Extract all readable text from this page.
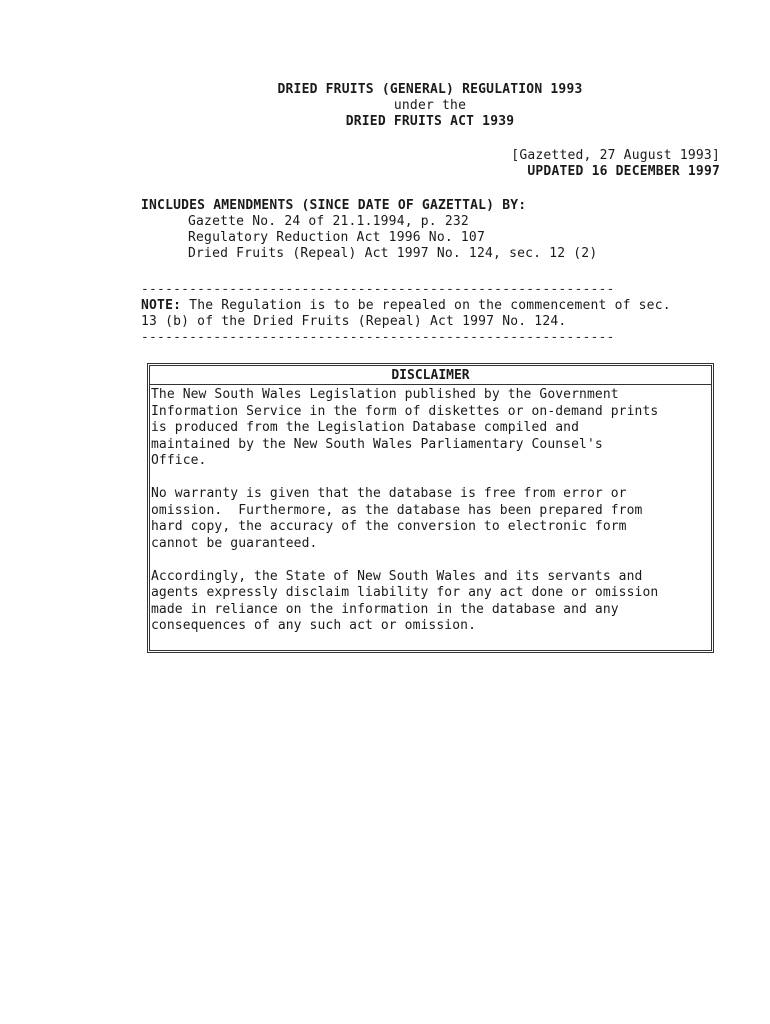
DRIED FRUITS (GENERAL) REGULATION 1993
under the
DRIED FRUITS ACT 1939
[Gazetted, 27 August 1993]
UPDATED 16 DECEMBER 1997
INCLUDES AMENDMENTS (SINCE DATE OF GAZETTAL) BY:
Gazette No. 24 of 21.1.1994, p. 232
Regulatory Reduction Act 1996 No. 107
Dried Fruits (Repeal) Act 1997 No. 124, sec. 12 (2)
-----------------------------------------------------------
NOTE: The Regulation is to be repealed on the commencement of sec.
13 (b) of the Dried Fruits (Repeal) Act 1997 No. 124.
-----------------------------------------------------------
DISCLAIMER

The New South Wales Legislation published by the Government
Information Service in the form of diskettes or on-demand prints
is produced from the Legislation Database compiled and
maintained by the New South Wales Parliamentary Counsel's
Office.

No warranty is given that the database is free from error or
omission.  Furthermore, as the database has been prepared from
hard copy, the accuracy of the conversion to electronic form
cannot be guaranteed.

Accordingly, the State of New South Wales and its servants and
agents expressly disclaim liability for any act done or omission
made in reliance on the information in the database and any
consequences of any such act or omission.
